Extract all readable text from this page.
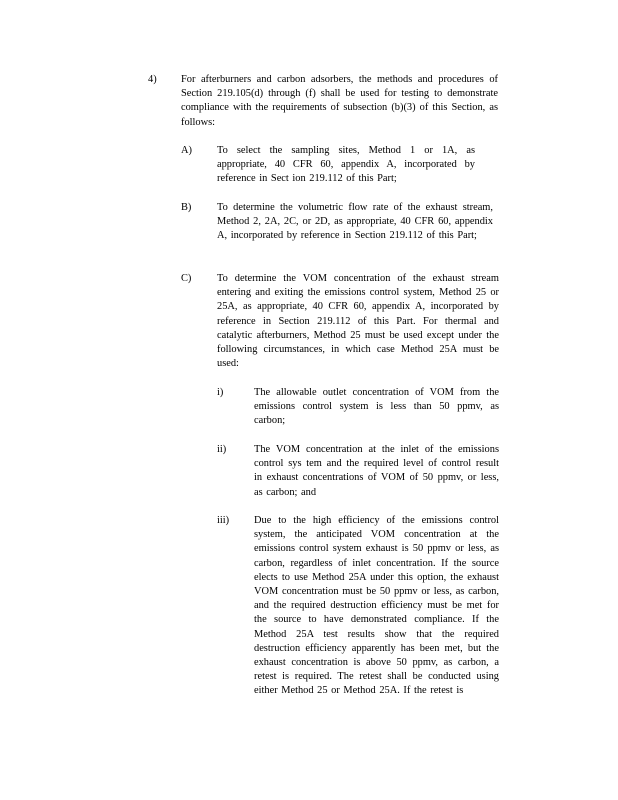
4) For afterburners and carbon adsorbers, the methods and procedures of Section 219.105(d) through (f) shall be used for testing to demonstrate compliance with the requirements of subsection (b)(3) of this Section, as follows:

A) To select the sampling sites, Method 1 or 1A, as appropriate, 40 CFR 60, appendix A, incorporated by reference in Sect ion 219.112 of this Part;

B) To determine the volumetric flow rate of the exhaust stream, Method 2, 2A, 2C, or 2D, as appropriate, 40 CFR 60, appendix A, incorporated by reference in Section 219.112 of this Part;

C) To determine the VOM concentration of the exhaust stream entering and exiting the emissions control system, Method 25 or 25A, as appropriate, 40 CFR 60, appendix A, incorporated by reference in Section 219.112 of this Part. For thermal and catalytic afterburners, Method 25 must be used except under the following circumstances, in which case Method 25A must be used:

i)	The allowable outlet concentration of VOM from the emissions control system is less than 50 ppmv, as carbon;

ii)	The VOM concentration at the inlet of the emissions control sys tem and the required level of control result in exhaust concentrations of VOM of 50 ppmv, or less, as carbon; and

iii) Due to the high efficiency of the emissions control system, the anticipated VOM concentration at the emissions control system exhaust is 50 ppmv or less, as carbon, regardless of inlet concentration. If the source elects to use Method 25A under this option, the exhaust VOM concentration must be 50 ppmv or less, as carbon, and the required destruction efficiency must be met for the source to have demonstrated compliance. If the Method 25A test results show that the required destruction efficiency apparently has been met, but the exhaust concentration is above 50 ppmv, as carbon, a retest is required. The retest shall be conducted using either Method 25 or Method 25A. If the retest is
